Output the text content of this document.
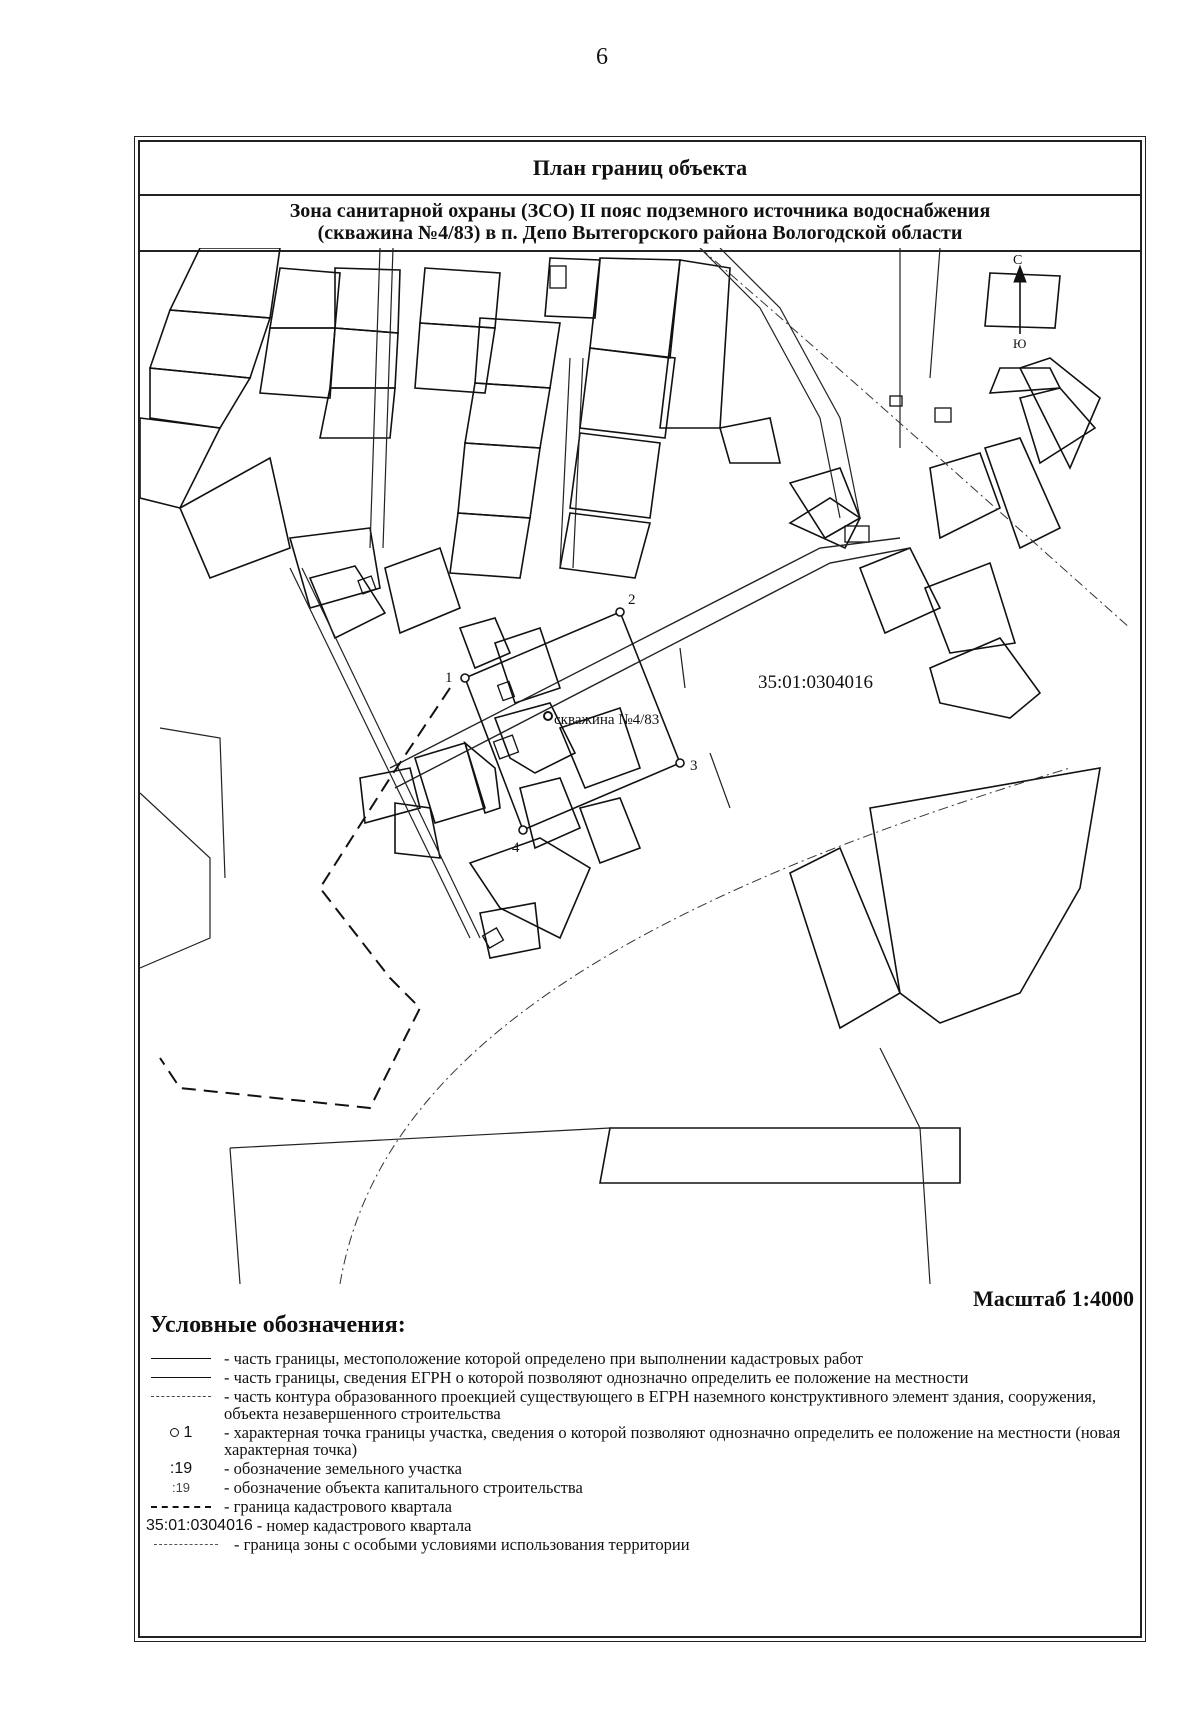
6
План границ объекта
Зона санитарной охраны (ЗСО) II пояс подземного источника водоснабжения
(скважина №4/83) в п. Депо Вытегорского района Вологодской области
1
2
3
4
скважина №4/83
35:01:0304016
С
Ю
Масштаб 1:4000
Условные обозначения:
- часть границы, местоположение которой определено при выполнении кадастровых работ
- часть границы, сведения ЕГРН о которой позволяют однозначно определить ее положение на местности
- часть контура образованного проекцией существующего в ЕГРН наземного конструктивного элемент здания, сооружения, объекта незавершенного строительства
1	- характерная точка границы участка, сведения о которой позволяют однозначно определить ее положение на местности (новая характерная точка)
:19	- обозначение земельного участка
:19	- обозначение объекта капитального строительства
- граница кадастрового квартала
35:01:0304016 - номер кадастрового квартала
- граница зоны с особыми условиями использования территории
